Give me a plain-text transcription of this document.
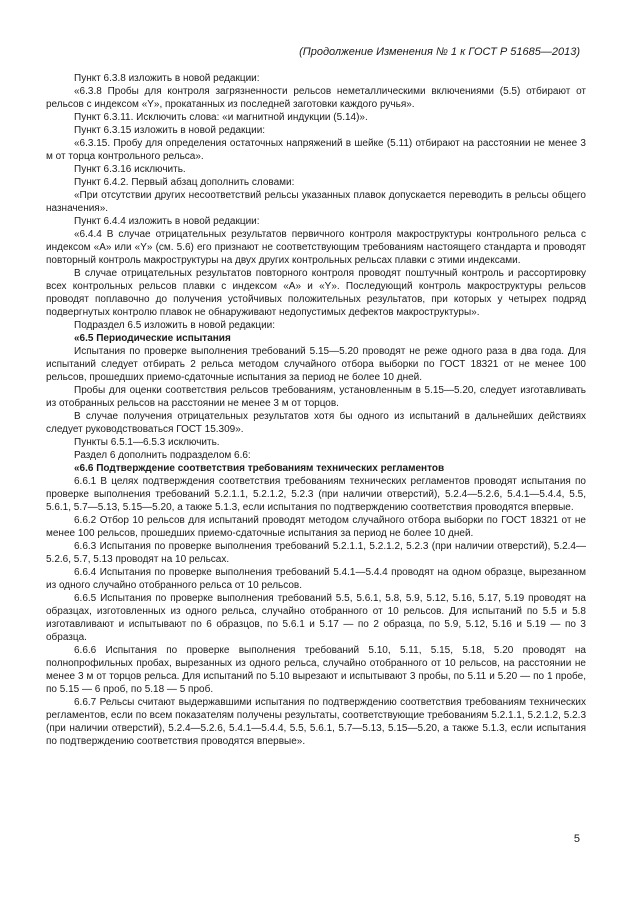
(Продолжение Изменения № 1 к ГОСТ Р 51685—2013)

Пункт 6.3.8 изложить в новой редакции:

«6.3.8 Пробы для контроля загрязненности рельсов неметаллическими включениями (5.5) отбирают от рельсов с индексом «Y», прокатанных из последней заготовки каждого ручья».

Пункт 6.3.11. Исключить слова: «и магнитной индукции (5.14)».

Пункт 6.3.15 изложить в новой редакции:

«6.3.15. Пробу для определения остаточных напряжений в шейке (5.11) отбирают на расстоянии не менее 3 м от торца контрольного рельса».

Пункт 6.3.16 исключить.

Пункт 6.4.2. Первый абзац дополнить словами:

«При отсутствии других несоответствий рельсы указанных плавок допускается переводить в рельсы общего назначения».

Пункт 6.4.4 изложить в новой редакции:

«6.4.4 В случае отрицательных результатов первичного контроля макроструктуры контрольного рельса с индексом «А» или «Y» (см. 5.6) его признают не соответствующим требованиям настоящего стандарта и проводят повторный контроль макроструктуры на двух других контрольных рельсах плавки с этими индексами.

В случае отрицательных результатов повторного контроля проводят поштучный контроль и рассортировку всех контрольных рельсов плавки с индексом «А» и «Y». Последующий контроль макроструктуры рельсов проводят поплавочно до получения устойчивых положительных результатов, при которых у четырех подряд подвергнутых контролю плавок не обнаруживают недопустимых дефектов макроструктуры».

Подраздел 6.5 изложить в новой редакции:

«6.5 Периодические испытания

Испытания по проверке выполнения требований 5.15—5.20 проводят не реже одного раза в два года. Для испытаний следует отбирать 2 рельса методом случайного отбора выборки по ГОСТ 18321 от не менее 100 рельсов, прошедших приемо-сдаточные испытания за период не более 10 дней.

Пробы для оценки соответствия рельсов требованиям, установленным в 5.15—5.20, следует изготавливать из отобранных рельсов на расстоянии не менее 3 м от торцов.

В случае получения отрицательных результатов хотя бы одного из испытаний в дальнейших действиях следует руководствоваться ГОСТ 15.309».

Пункты 6.5.1—6.5.3 исключить.

Раздел 6 дополнить подразделом 6.6:

«6.6 Подтверждение соответствия требованиям технических регламентов

6.6.1 В целях подтверждения соответствия требованиям технических регламентов проводят испытания по проверке выполнения требований 5.2.1.1, 5.2.1.2, 5.2.3 (при наличии отверстий), 5.2.4—5.2.6, 5.4.1—5.4.4, 5.5, 5.6.1, 5.7—5.13, 5.15—5.20, а также 5.1.3, если испытания по подтверждению соответствия проводятся впервые.

6.6.2 Отбор 10 рельсов для испытаний проводят методом случайного отбора выборки по ГОСТ 18321 от не менее 100 рельсов, прошедших приемо-сдаточные испытания за период не более 10 дней.

6.6.3 Испытания по проверке выполнения требований 5.2.1.1, 5.2.1.2, 5.2.3 (при наличии отверстий), 5.2.4—5.2.6, 5.7, 5.13 проводят на 10 рельсах.

6.6.4 Испытания по проверке выполнения требований 5.4.1—5.4.4 проводят на одном образце, вырезанном из одного случайно отобранного рельса от 10 рельсов.

6.6.5 Испытания по проверке выполнения требований 5.5, 5.6.1, 5.8, 5.9, 5.12, 5.16, 5.17, 5.19 проводят на образцах, изготовленных из одного рельса, случайно отобранного от 10 рельсов. Для испытаний по 5.5 и 5.8 изготавливают и испытывают по 6 образцов, по 5.6.1 и 5.17 — по 2 образца, по 5.9, 5.12, 5.16 и 5.19 — по 3 образца.

6.6.6 Испытания по проверке выполнения требований 5.10, 5.11, 5.15, 5.18, 5.20 проводят на полнопрофильных пробах, вырезанных из одного рельса, случайно отобранного от 10 рельсов, на расстоянии не менее 3 м от торцов рельса. Для испытаний по 5.10 вырезают и испытывают 3 пробы, по 5.11 и 5.20 — по 1 пробе, по 5.15 — 6 проб, по 5.18 — 5 проб.

6.6.7 Рельсы считают выдержавшими испытания по подтверждению соответствия требованиям технических регламентов, если по всем показателям получены результаты, соответствующие требованиям 5.2.1.1, 5.2.1.2, 5.2.3 (при наличии отверстий), 5.2.4—5.2.6, 5.4.1—5.4.4, 5.5, 5.6.1, 5.7—5.13, 5.15—5.20, а также 5.1.3, если испытания по подтверждению соответствия проводятся впервые».

5
